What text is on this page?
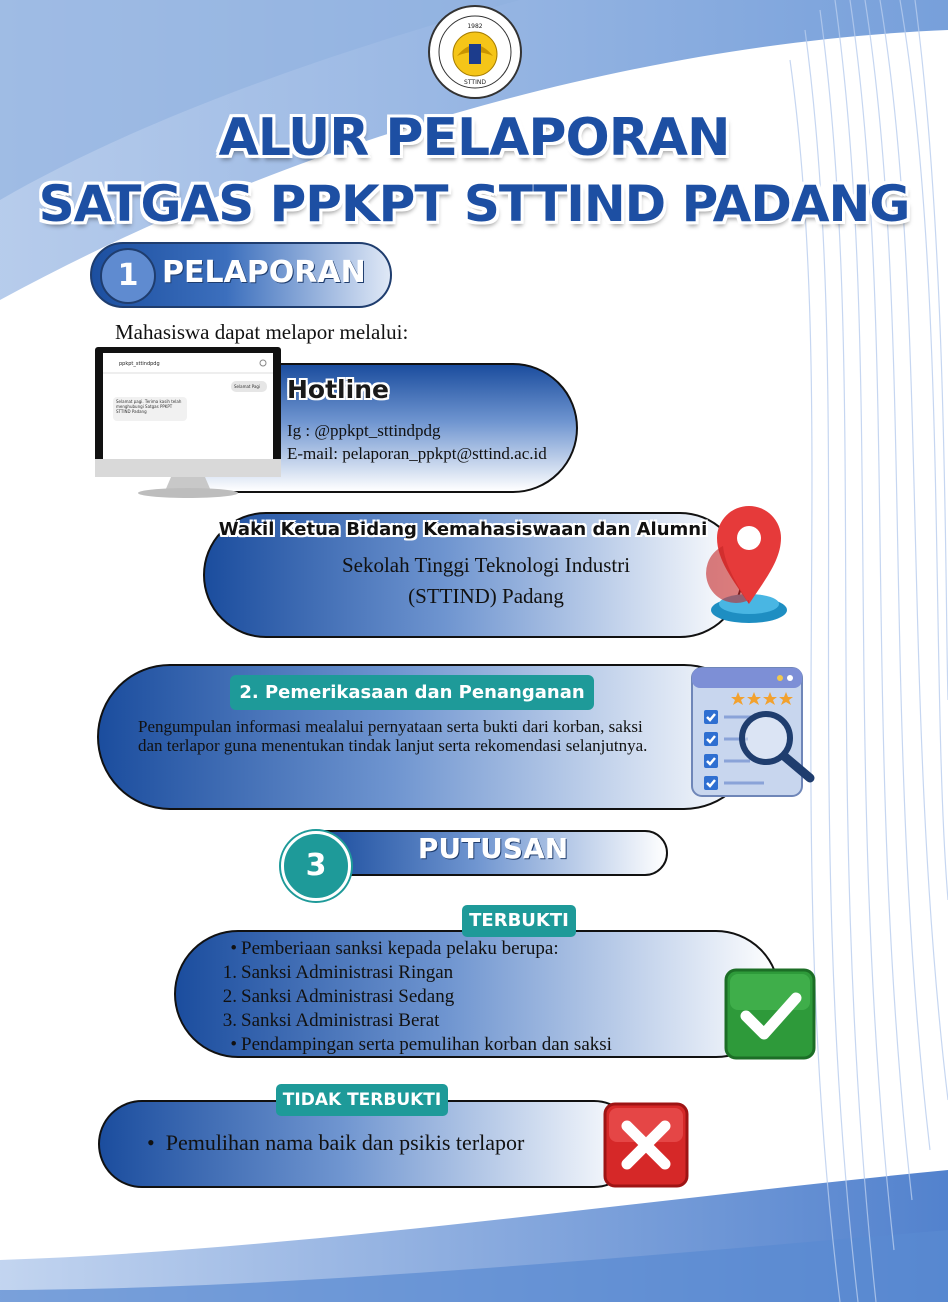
1982
STTIND
ALUR PELAPORAN
SATGAS PPKPT STTIND PADANG
1 PELAPORAN
Mahasiswa dapat melapor melalui:
Hotline
Ig : @ppkpt_sttindpdg
E-mail: pelaporan_ppkpt@sttind.ac.id
ppkpt_sttindpdg
Selamat Pagi
Selamat pagi. Terima kasih telah menghubungi Satgas PPKPT STTIND Padang
Wakil Ketua Bidang Kemahasiswaan dan Alumni
Sekolah Tinggi Teknologi Industri
(STTIND) Padang
2. Pemerikasaan dan Penanganan
Pengumpulan informasi mealalui pernyataan serta bukti dari korban, saksi dan terlapor guna menentukan tindak lanjut serta rekomendasi selanjutnya.
PUTUSAN
3
TERBUKTI
• Pemberiaan sanksi kepada pelaku berupa:
1. Sanksi Administrasi Ringan
2. Sanksi Administrasi Sedang
3. Sanksi Administrasi Berat
• Pendampingan serta pemulihan korban dan saksi
TIDAK TERBUKTI
• Pemulihan nama baik dan psikis terlapor
